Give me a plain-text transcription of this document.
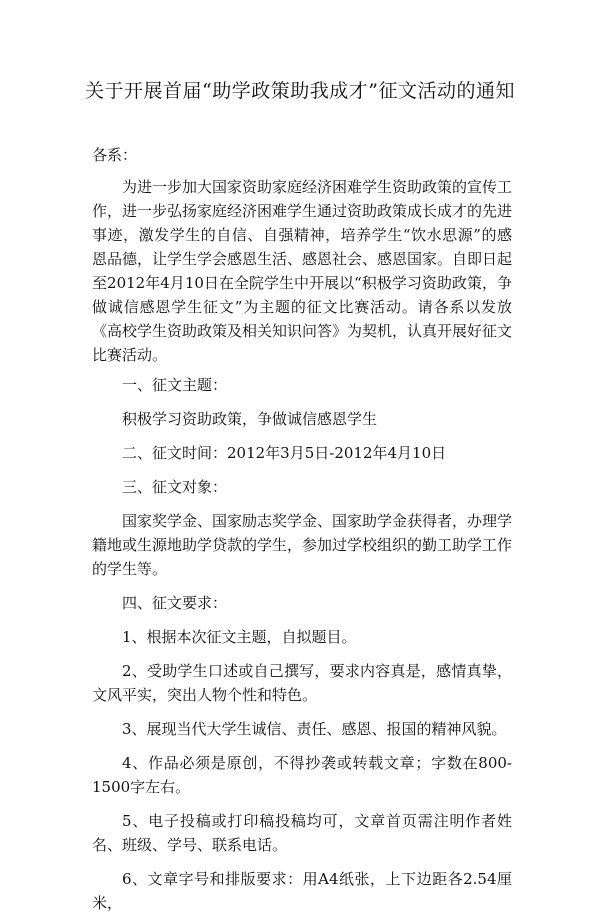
关于开展首届“助学政策助我成才”征文活动的通知
各系：

为进一步加大国家资助家庭经济困难学生资助政策的宣传工作，进一步弘扬家庭经济困难学生通过资助政策成长成才的先进事迹，激发学生的自信、自强精神，培养学生“饮水思源”的感恩品德，让学生学会感恩生活、感恩社会、感恩国家。自即日起至2012年4月10日在全院学生中开展以“积极学习资助政策，争做诚信感恩学生征文”为主题的征文比赛活动。请各系以发放《高校学生资助政策及相关知识问答》为契机，认真开展好征文比赛活动。

一、征文主题：

积极学习资助政策，争做诚信感恩学生

二、征文时间：2012年3月5日-2012年4月10日

三、征文对象：

国家奖学金、国家励志奖学金、国家助学金获得者，办理学籍地或生源地助学贷款的学生，参加过学校组织的勤工助学工作的学生等。

四、征文要求：

1、根据本次征文主题，自拟题目。

2、受助学生口述或自己撰写，要求内容真是，感情真挚，文风平实，突出人物个性和特色。

3、展现当代大学生诚信、责任、感恩、报国的精神风貌。

4、作品必须是原创，不得抄袭或转载文章；字数在800-1500字左右。

5、电子投稿或打印稿投稿均可，文章首页需注明作者姓名、班级、学号、联系电话。

6、文章字号和排版要求：用A4纸张，上下边距各2.54厘米，
